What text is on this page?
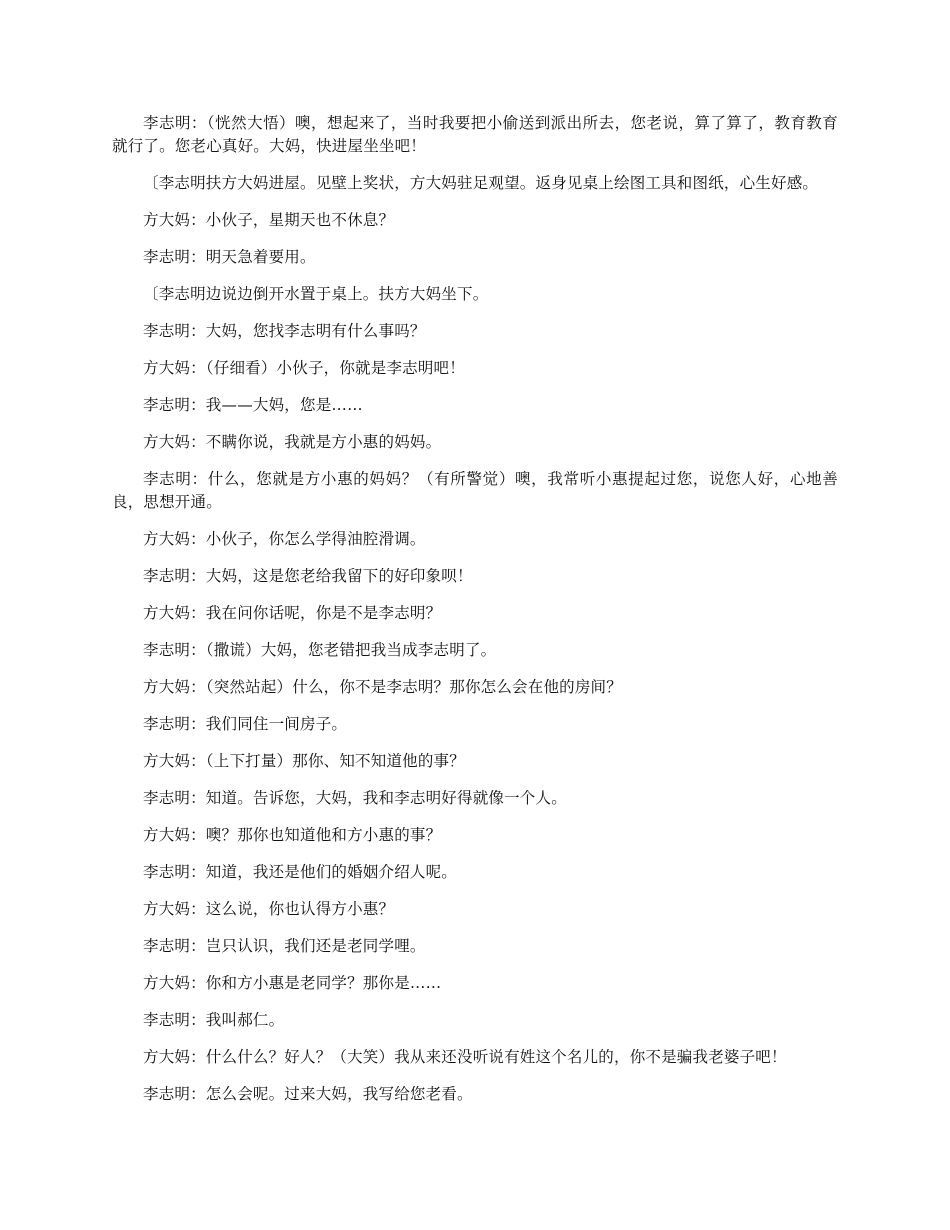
李志明：（恍然大悟）噢，想起来了，当时我要把小偷送到派出所去，您老说，算了算了，教育教育就行了。您老心真好。大妈，快进屋坐坐吧！

〔李志明扶方大妈进屋。见壁上奖状，方大妈驻足观望。返身见桌上绘图工具和图纸，心生好感。

方大妈：小伙子，星期天也不休息？

李志明：明天急着要用。

〔李志明边说边倒开水置于桌上。扶方大妈坐下。

李志明：大妈，您找李志明有什么事吗？

方大妈：（仔细看）小伙子，你就是李志明吧！

李志明：我——大妈，您是……

方大妈：不瞒你说，我就是方小惠的妈妈。

李志明：什么，您就是方小惠的妈妈？（有所警觉）噢，我常听小惠提起过您，说您人好，心地善良，思想开通。

方大妈：小伙子，你怎么学得油腔滑调。

李志明：大妈，这是您老给我留下的好印象呗！

方大妈：我在问你话呢，你是不是李志明？

李志明：（撒谎）大妈，您老错把我当成李志明了。

方大妈：（突然站起）什么，你不是李志明？那你怎么会在他的房间？

李志明：我们同住一间房子。

方大妈：（上下打量）那你、知不知道他的事？

李志明：知道。告诉您，大妈，我和李志明好得就像一个人。

方大妈：噢？那你也知道他和方小惠的事？

李志明：知道，我还是他们的婚姻介绍人呢。

方大妈：这么说，你也认得方小惠？

李志明：岂只认识，我们还是老同学哩。

方大妈：你和方小惠是老同学？那你是……

李志明：我叫郝仁。

方大妈：什么什么？好人？（大笑）我从来还没听说有姓这个名儿的，你不是骗我老婆子吧！

李志明：怎么会呢。过来大妈，我写给您老看。
